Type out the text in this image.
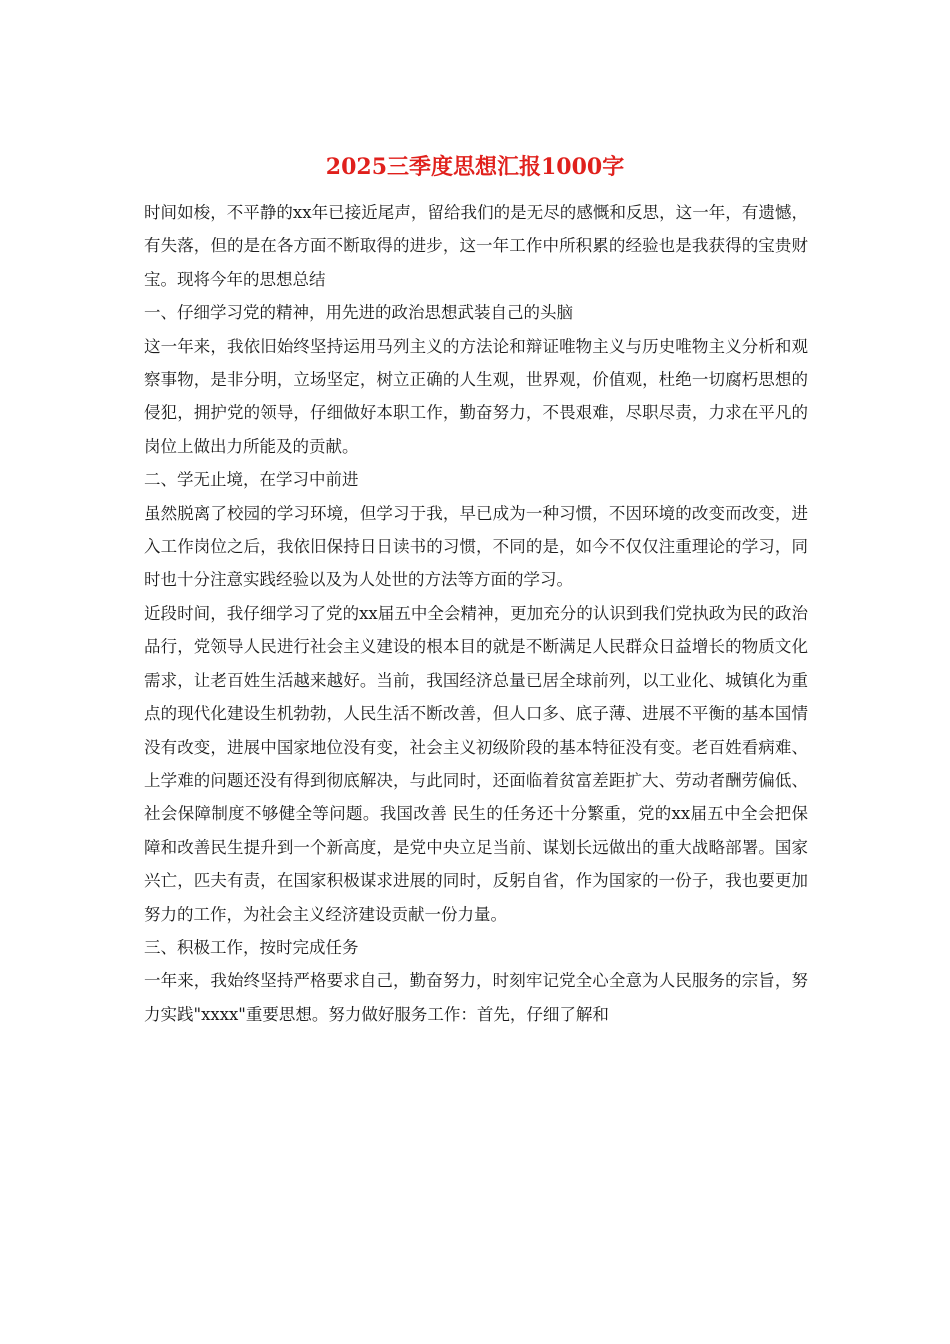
2025三季度思想汇报1000字

时间如梭，不平静的xx年已接近尾声，留给我们的是无尽的感慨和反思，这一年，有遗憾，有失落，但的是在各方面不断取得的进步，这一年工作中所积累的经验也是我获得的宝贵财宝。现将今年的思想总结

一、仔细学习党的精神，用先进的政治思想武装自己的头脑

这一年来，我依旧始终坚持运用马列主义的方法论和辩证唯物主义与历史唯物主义分析和观察事物，是非分明，立场坚定，树立正确的人生观，世界观，价值观，杜绝一切腐朽思想的侵犯，拥护党的领导，仔细做好本职工作，勤奋努力，不畏艰难，尽职尽责，力求在平凡的岗位上做出力所能及的贡献。

二、学无止境，在学习中前进

虽然脱离了校园的学习环境，但学习于我，早已成为一种习惯，不因环境的改变而改变，进入工作岗位之后，我依旧保持日日读书的习惯，不同的是，如今不仅仅注重理论的学习，同时也十分注意实践经验以及为人处世的方法等方面的学习。

近段时间，我仔细学习了党的xx届五中全会精神，更加充分的认识到我们党执政为民的政治品行，党领导人民进行社会主义建设的根本目的就是不断满足人民群众日益增长的物质文化需求，让老百姓生活越来越好。当前，我国经济总量已居全球前列，以工业化、城镇化为重点的现代化建设生机勃勃，人民生活不断改善，但人口多、底子薄、进展不平衡的基本国情没有改变，进展中国家地位没有变，社会主义初级阶段的基本特征没有变。老百姓看病难、上学难的问题还没有得到彻底解决，与此同时，还面临着贫富差距扩大、劳动者酬劳偏低、社会保障制度不够健全等问题。我国改善 民生的任务还十分繁重，党的xx届五中全会把保障和改善民生提升到一个新高度，是党中央立足当前、谋划长远做出的重大战略部署。国家兴亡，匹夫有责，在国家积极谋求进展的同时，反躬自省，作为国家的一份子，我也要更加努力的工作，为社会主义经济建设贡献一份力量。

三、积极工作，按时完成任务

一年来，我始终坚持严格要求自己，勤奋努力，时刻牢记党全心全意为人民服务的宗旨，努力实践"xxxx"重要思想。努力做好服务工作：首先，仔细了解和
